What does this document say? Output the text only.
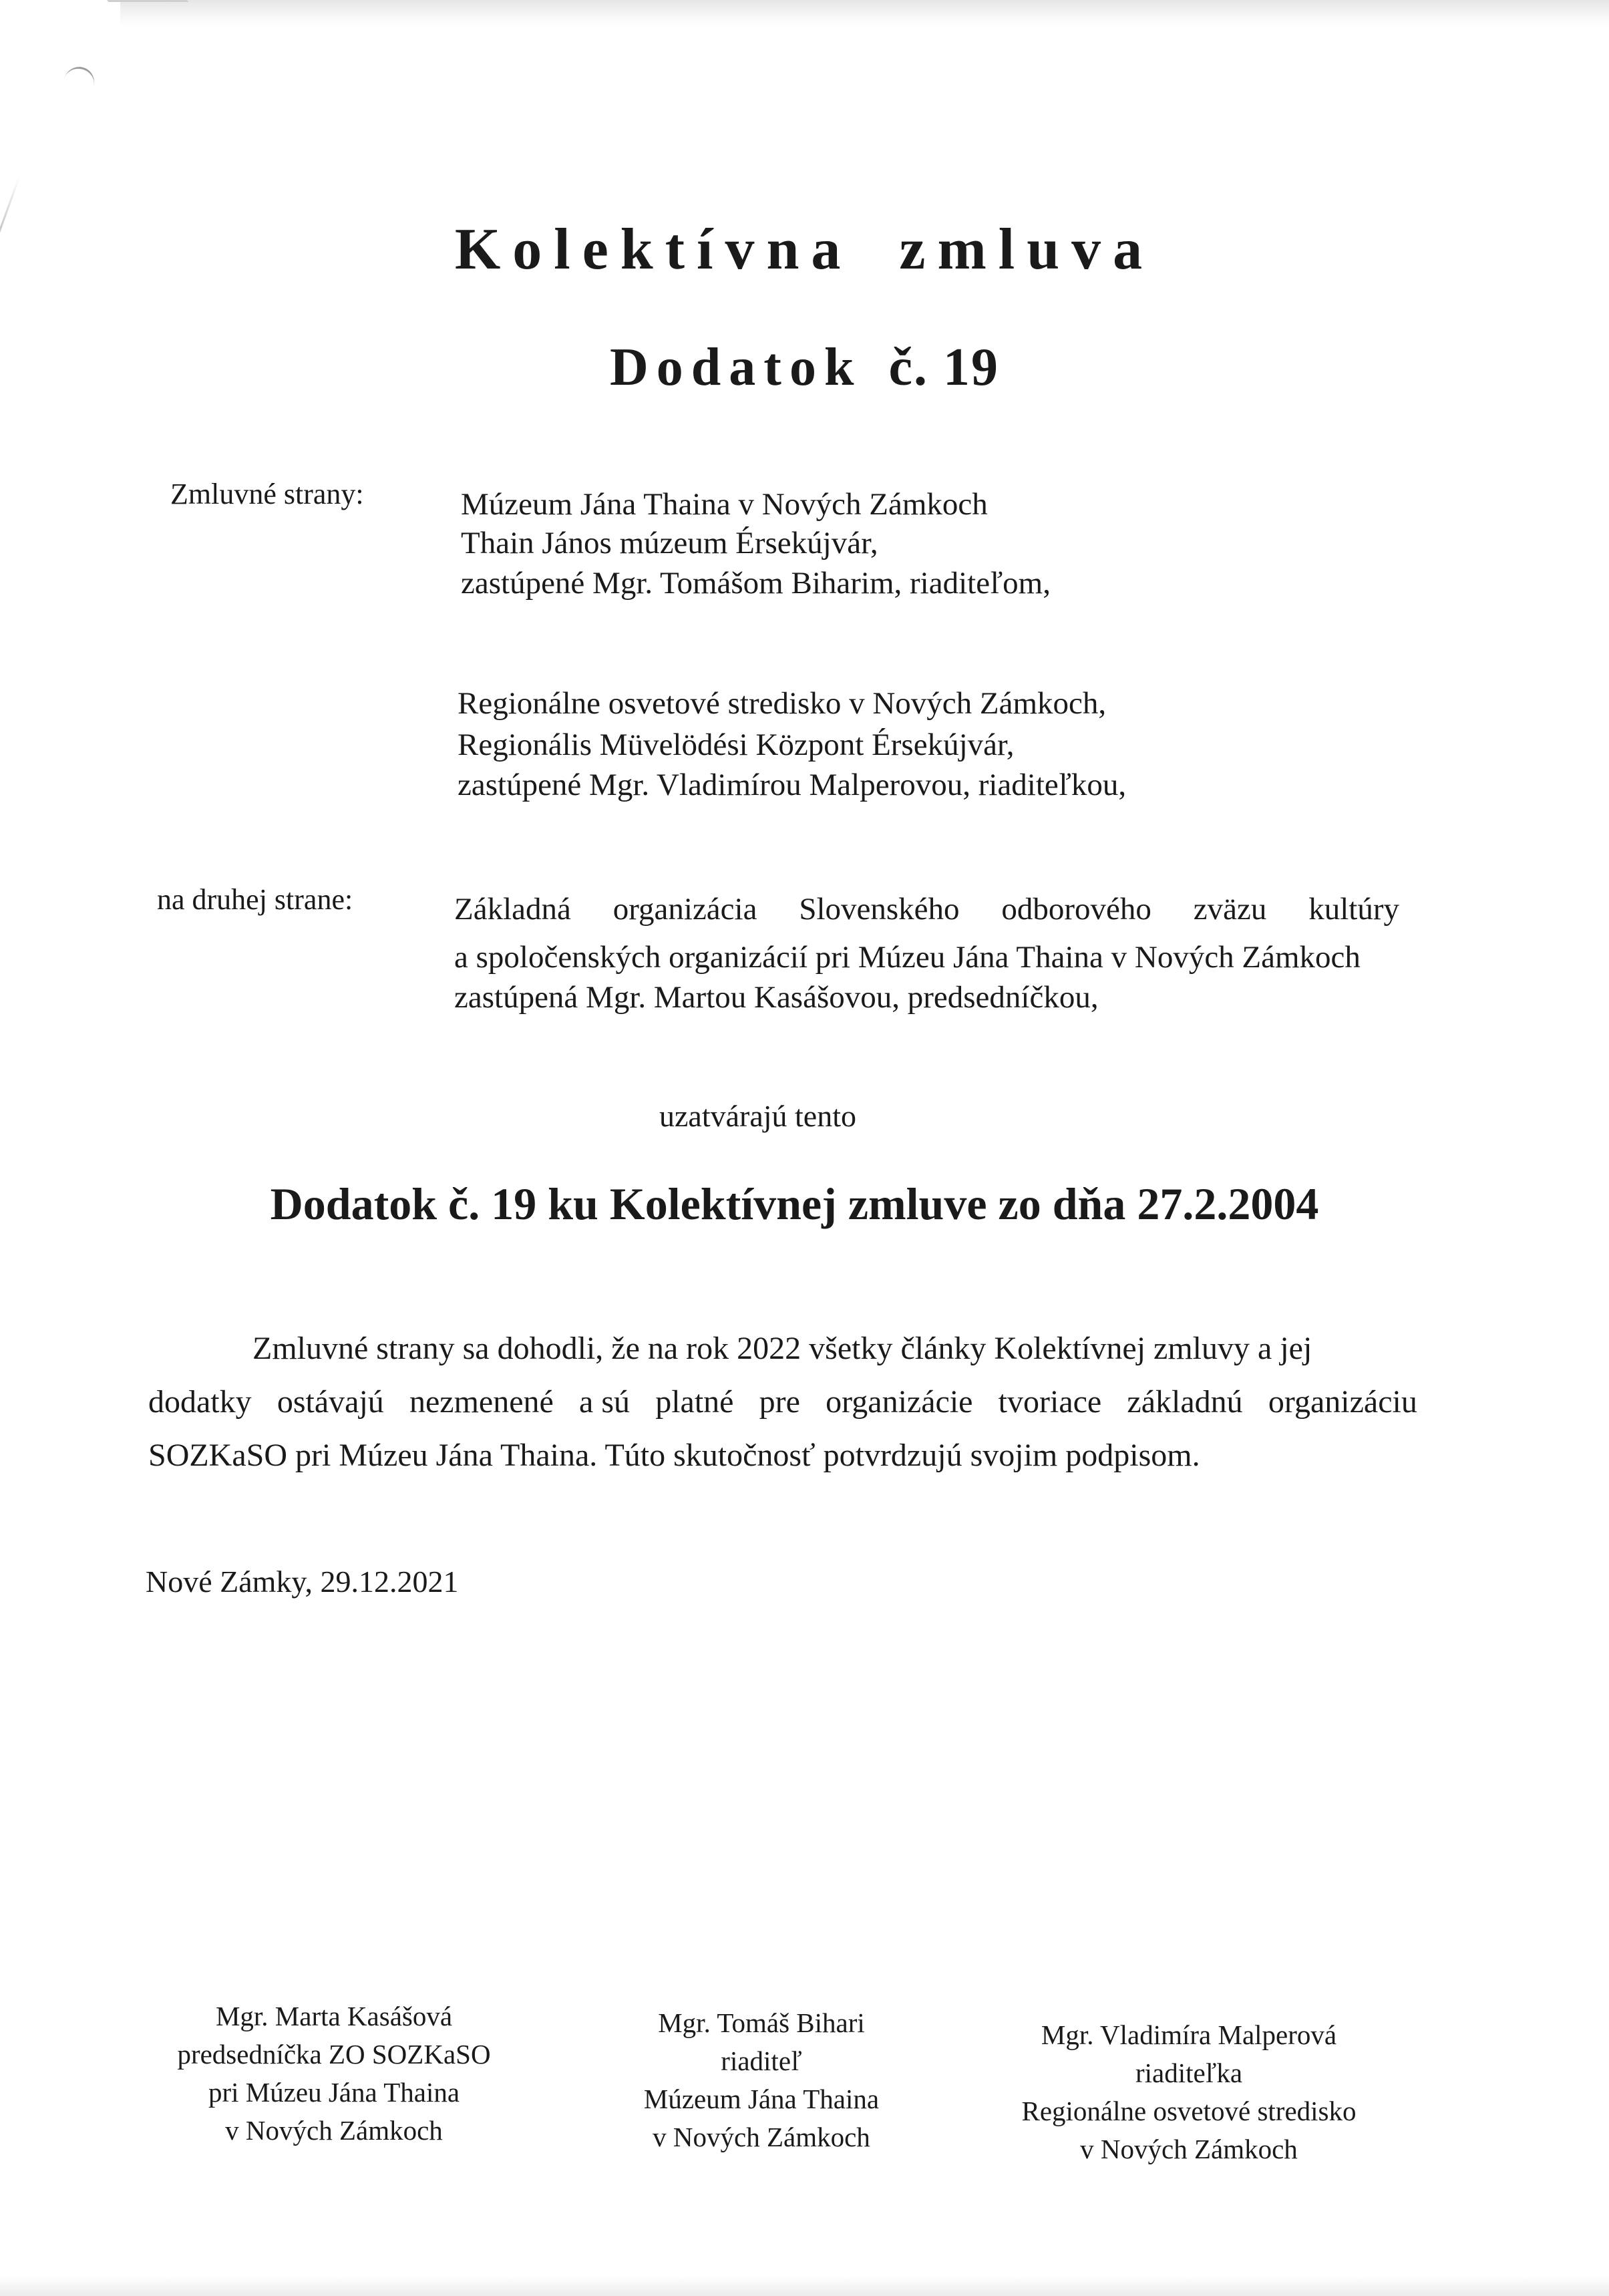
Kolektívna zmluva
Dodatok č. 19
Zmluvné strany:	Múzeum Jána Thaina v Nových Zámkoch
Thain János múzeum Érsekújvár,
zastúpené Mgr. Tomášom Biharim, riaditeľom,
Regionálne osvetové stredisko v Nových Zámkoch,
Regionális Müvelödési Központ Érsekújvár,
zastúpené Mgr. Vladimírou Malperovou, riaditeľkou,
na druhej strane:	Základná organizácia Slovenského odborového zväzu kultúry
a spoločenských organizácií pri Múzeu Jána Thaina v Nových Zámkoch
zastúpená Mgr. Martou Kasášovou, predsedníčkou,
uzatvárajú tento
Dodatok č. 19 ku Kolektívnej zmluve zo dňa 27.2.2004
Zmluvné strany sa dohodli, že na rok 2022 všetky články Kolektívnej zmluvy a jej
dodatky ostávajú nezmenené a sú platné pre organizácie tvoriace základnú organizáciu
SOZKaSO pri Múzeu Jána Thaina. Túto skutočnosť potvrdzujú svojim podpisom.
Nové Zámky, 29.12.2021
Mgr. Marta Kasášová
predsedníčka ZO SOZKaSO
pri Múzeu Jána Thaina
v Nových Zámkoch
Mgr. Tomáš Bihari
riaditeľ
Múzeum Jána Thaina
v Nových Zámkoch
Mgr. Vladimíra Malperová
riaditeľka
Regionálne osvetové stredisko
v Nových Zámkoch
